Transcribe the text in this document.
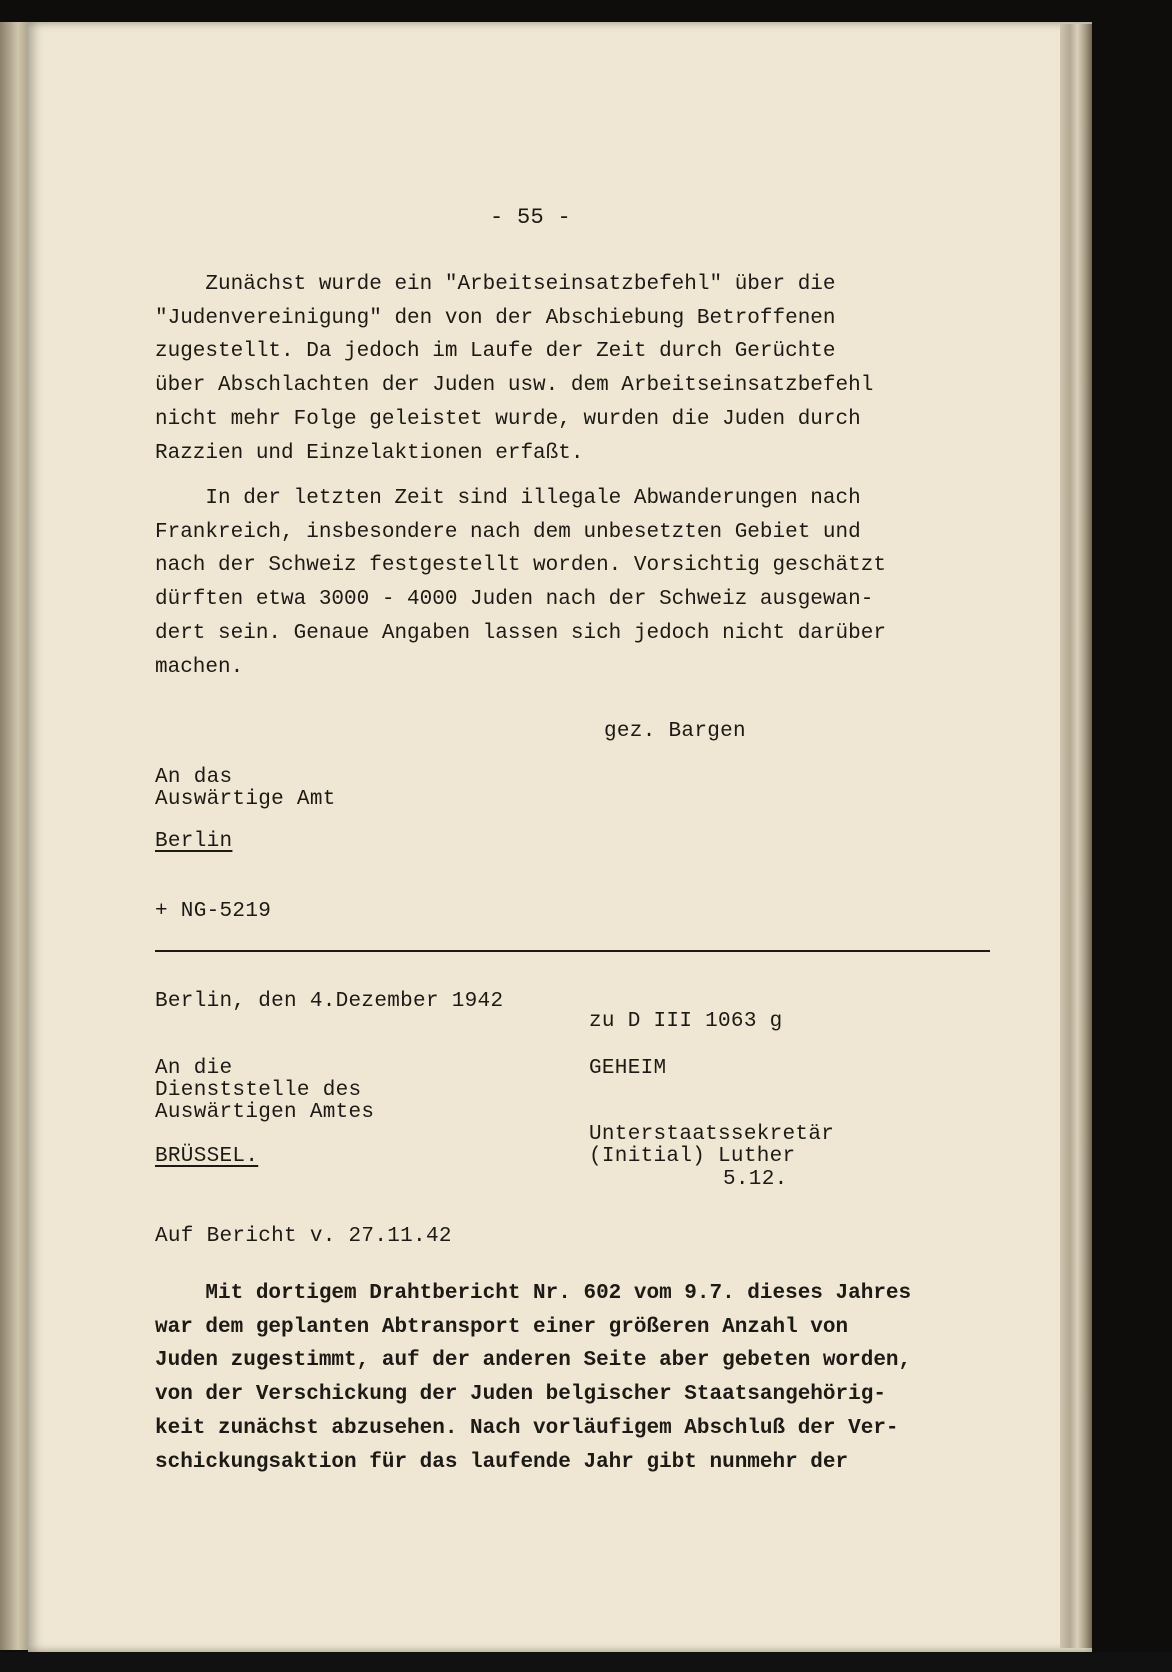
- 55 -
Zunächst wurde ein "Arbeitseinsatzbefehl" über die
"Judenvereinigung" den von der Abschiebung Betroffenen
zugestellt. Da jedoch im Laufe der Zeit durch Gerüchte
über Abschlachten der Juden usw. dem Arbeitseinsatzbefehl
nicht mehr Folge geleistet wurde, wurden die Juden durch
Razzien und Einzelaktionen erfaßt.
In der letzten Zeit sind illegale Abwanderungen nach
Frankreich, insbesondere nach dem unbesetzten Gebiet und
nach der Schweiz festgestellt worden. Vorsichtig geschätzt
dürften etwa 3000 - 4000 Juden nach der Schweiz ausgewan-
dert sein. Genaue Angaben lassen sich jedoch nicht darüber
machen.
gez. Bargen
An das
Auswärtige Amt
Berlin
+ NG-5219
Berlin, den 4.Dezember 1942
zu D III 1063 g
An die	GEHEIM
Dienststelle des
Auswärtigen Amtes
Unterstaatssekretär
(Initial) Luther
BRÜSSEL.
5.12.
Auf Bericht v. 27.11.42
Mit dortigem Drahtbericht Nr. 602 vom 9.7. dieses Jahres
war dem geplanten Abtransport einer größeren Anzahl von
Juden zugestimmt, auf der anderen Seite aber gebeten worden,
von der Verschickung der Juden belgischer Staatsangehörig-
keit zunächst abzusehen. Nach vorläufigem Abschluß der Ver-
schickungsaktion für das laufende Jahr gibt nunmehr der
